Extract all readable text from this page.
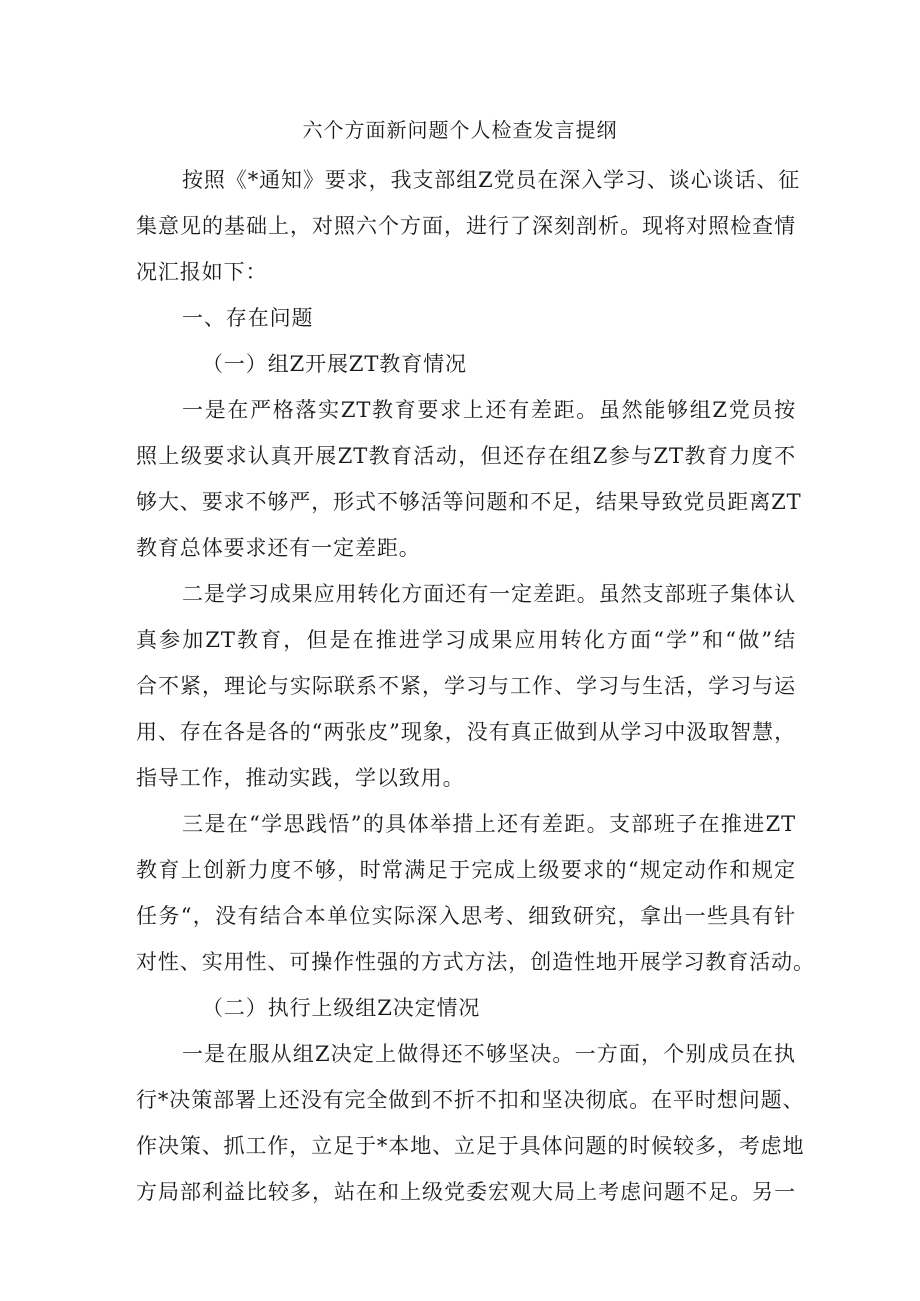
六个方面新问题个人检查发言提纲
按照《*通知》要求，我支部组Z党员在深入学习、谈心谈话、征
集意见的基础上，对照六个方面，进行了深刻剖析。现将对照检查情
况汇报如下：
一、存在问题
（一）组Z开展ZT教育情况
一是在严格落实ZT教育要求上还有差距。虽然能够组Z党员按
照上级要求认真开展ZT教育活动，但还存在组Z参与ZT教育力度不
够大、要求不够严，形式不够活等问题和不足，结果导致党员距离ZT
教育总体要求还有一定差距。
二是学习成果应用转化方面还有一定差距。虽然支部班子集体认
真参加ZT教育，但是在推进学习成果应用转化方面“学”和“做”结
合不紧，理论与实际联系不紧，学习与工作、学习与生活，学习与运
用、存在各是各的“两张皮”现象，没有真正做到从学习中汲取智慧，
指导工作，推动实践，学以致用。
三是在“学思践悟”的具体举措上还有差距。支部班子在推进ZT
教育上创新力度不够，时常满足于完成上级要求的“规定动作和规定
任务“，没有结合本单位实际深入思考、细致研究，拿出一些具有针
对性、实用性、可操作性强的方式方法，创造性地开展学习教育活动。
（二）执行上级组Z决定情况
一是在服从组Z决定上做得还不够坚决。一方面，个别成员在执
行*决策部署上还没有完全做到不折不扣和坚决彻底。在平时想问题、
作决策、抓工作，立足于*本地、立足于具体问题的时候较多，考虑地
方局部利益比较多，站在和上级党委宏观大局上考虑问题不足。另一
